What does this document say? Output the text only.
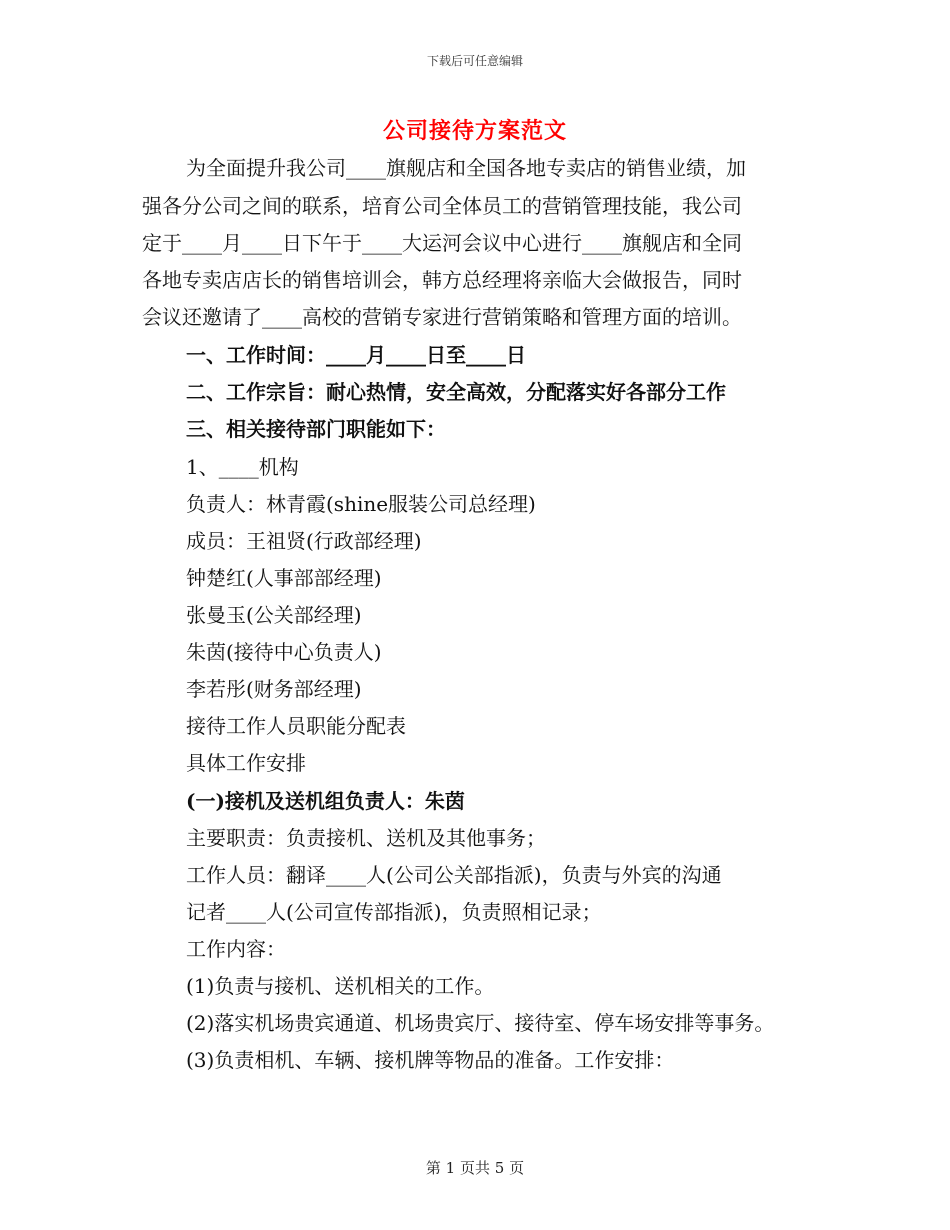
下载后可任意编辑
公司接待方案范文
为全面提升我公司____旗舰店和全国各地专卖店的销售业绩，加
强各分公司之间的联系，培育公司全体员工的营销管理技能，我公司
定于____月____日下午于____大运河会议中心进行____旗舰店和全同
各地专卖店店长的销售培训会，韩方总经理将亲临大会做报告，同时
会议还邀请了____高校的营销专家进行营销策略和管理方面的培训。
一、工作时间：____月____日至____日
二、工作宗旨：耐心热情，安全高效，分配落实好各部分工作
三、相关接待部门职能如下：
1、____机构
负责人：林青霞(shine服装公司总经理)
成员：王祖贤(行政部经理)
钟楚红(人事部部经理)
张曼玉(公关部经理)
朱茵(接待中心负责人)
李若彤(财务部经理)
接待工作人员职能分配表
具体工作安排
(一)接机及送机组负责人：朱茵
主要职责：负责接机、送机及其他事务；
工作人员：翻译____人(公司公关部指派)，负责与外宾的沟通
记者____人(公司宣传部指派)，负责照相记录；
工作内容：
(1)负责与接机、送机相关的工作。
(2)落实机场贵宾通道、机场贵宾厅、接待室、停车场安排等事务。
(3)负责相机、车辆、接机牌等物品的准备。工作安排：
第 1 页共 5 页
